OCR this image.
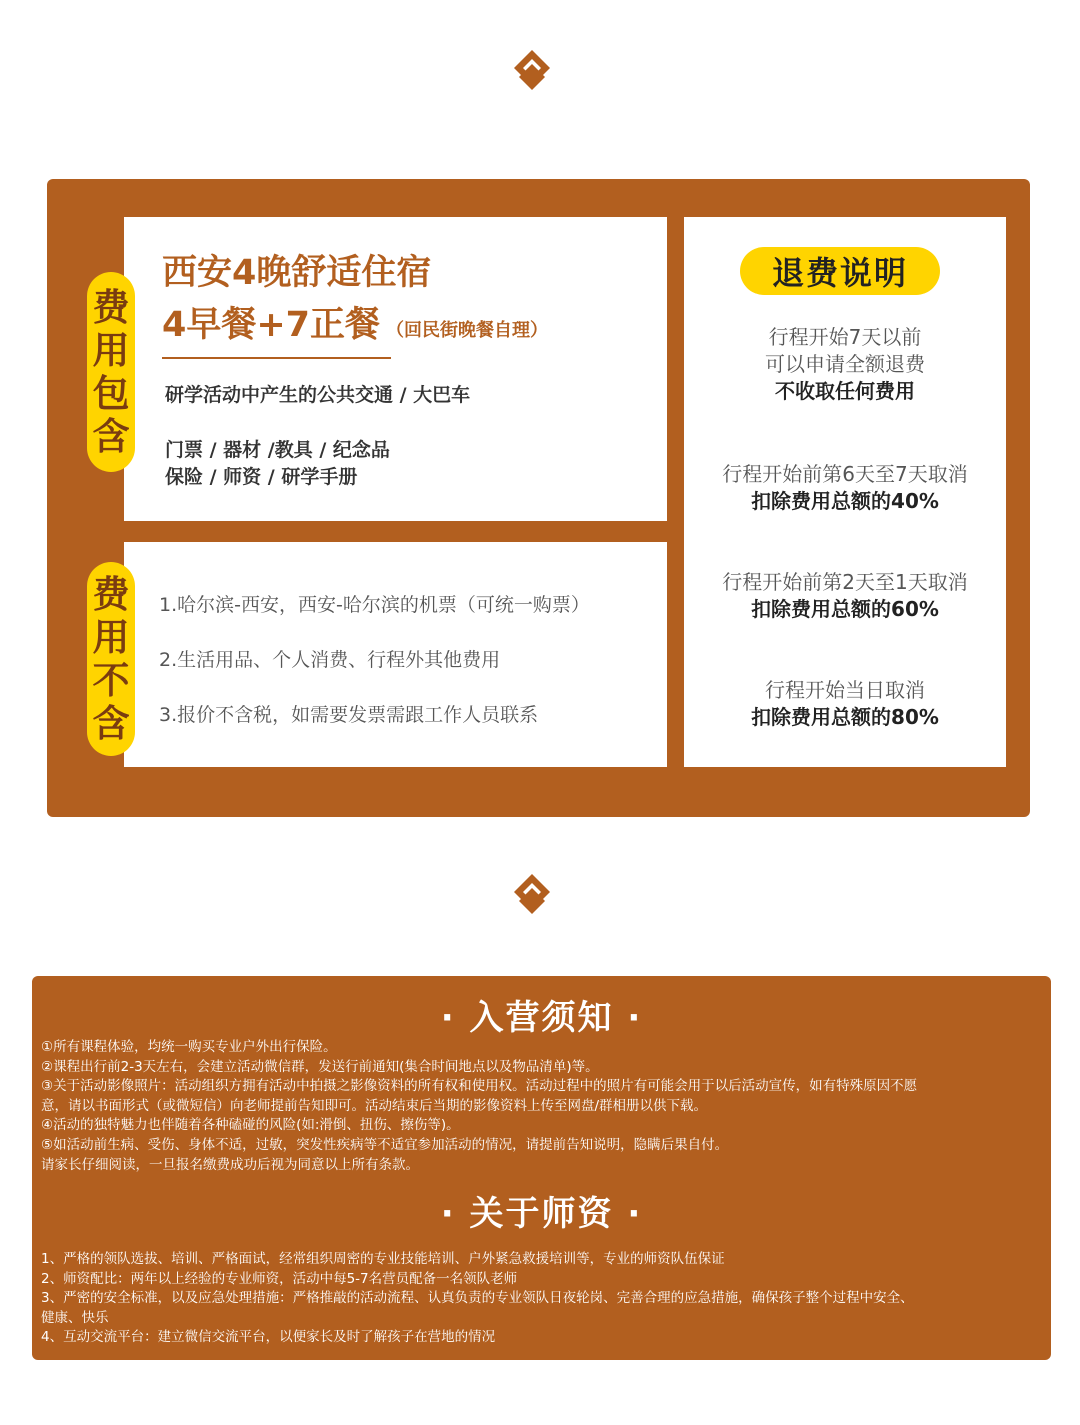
费
用
包
含
西安4晚舒适住宿
4早餐+7正餐 （回民街晚餐自理）
研学活动中产生的公共交通 / 大巴车
门票 / 器材 /教具 / 纪念品
保险 / 师资 / 研学手册
费
用
不
含
1.哈尔滨-西安，西安-哈尔滨的机票（可统一购票）
2.生活用品、个人消费、行程外其他费用
3.报价不含税，如需要发票需跟工作人员联系
退费说明
行程开始7天以前
可以申请全额退费
不收取任何费用
行程开始前第6天至7天取消
扣除费用总额的40%
行程开始前第2天至1天取消
扣除费用总额的60%
行程开始当日取消
扣除费用总额的80%
· 入营须知 ·
①所有课程体验，均统一购买专业户外出行保险。
②课程出行前2-3天左右，会建立活动微信群，发送行前通知(集合时间地点以及物品清单)等。
③关于活动影像照片：活动组织方拥有活动中拍摄之影像资料的所有权和使用权。活动过程中的照片有可能会用于以后活动宣传，如有特殊原因不愿
意，请以书面形式（或微短信）向老师提前告知即可。活动结束后当期的影像资料上传至网盘/群相册以供下载。
④活动的独特魅力也伴随着各种磕碰的风险(如:滑倒、扭伤、擦伤等)。
⑤如活动前生病、受伤、身体不适，过敏，突发性疾病等不适宜参加活动的情况，请提前告知说明，隐瞒后果自付。
请家长仔细阅读，一旦报名缴费成功后视为同意以上所有条款。
· 关于师资 ·
1、严格的领队选拔、培训、严格面试，经常组织周密的专业技能培训、户外紧急救援培训等，专业的师资队伍保证
2、师资配比：两年以上经验的专业师资，活动中每5-7名营员配备一名领队老师
3、严密的安全标准，以及应急处理措施：严格推敲的活动流程、认真负责的专业领队日夜轮岗、完善合理的应急措施，确保孩子整个过程中安全、
健康、快乐
4、互动交流平台：建立微信交流平台，以便家长及时了解孩子在营地的情况
